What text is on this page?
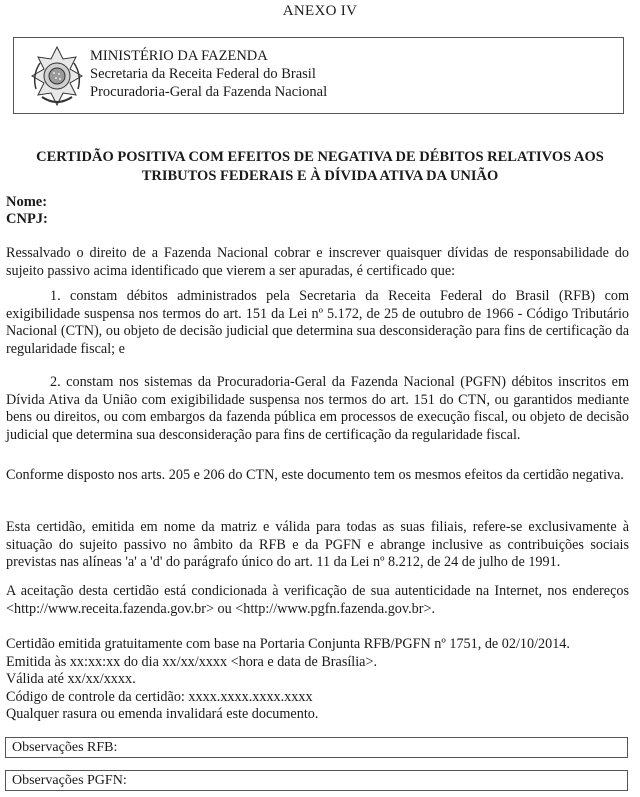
ANEXO IV
MINISTÉRIO DA FAZENDA
Secretaria da Receita Federal do Brasil
Procuradoria-Geral da Fazenda Nacional
CERTIDÃO POSITIVA COM EFEITOS DE NEGATIVA DE DÉBITOS RELATIVOS AOS
TRIBUTOS FEDERAIS E À DÍVIDA ATIVA DA UNIÃO
Nome:
CNPJ:
Ressalvado o direito de a Fazenda Nacional cobrar e inscrever quaisquer dívidas de responsabilidade do sujeito passivo acima identificado que vierem a ser apuradas, é certificado que:
1. constam débitos administrados pela Secretaria da Receita Federal do Brasil (RFB) com exigibilidade suspensa nos termos do art. 151 da Lei nº 5.172, de 25 de outubro de 1966 - Código Tributário Nacional (CTN), ou objeto de decisão judicial que determina sua desconsideração para fins de certificação da regularidade fiscal; e
2. constam nos sistemas da Procuradoria-Geral da Fazenda Nacional (PGFN) débitos inscritos em Dívida Ativa da União com exigibilidade suspensa nos termos do art. 151 do CTN, ou garantidos mediante bens ou direitos, ou com embargos da fazenda pública em processos de execução fiscal, ou objeto de decisão judicial que determina sua desconsideração para fins de certificação da regularidade fiscal.
Conforme disposto nos arts. 205 e 206 do CTN, este documento tem os mesmos efeitos da certidão negativa.
Esta certidão, emitida em nome da matriz e válida para todas as suas filiais, refere-se exclusivamente à situação do sujeito passivo no âmbito da RFB e da PGFN e abrange inclusive as contribuições sociais previstas nas alíneas 'a' a 'd' do parágrafo único do art. 11 da Lei nº 8.212, de 24 de julho de 1991.
A aceitação desta certidão está condicionada à verificação de sua autenticidade na Internet, nos endereços <http://www.receita.fazenda.gov.br> ou <http://www.pgfn.fazenda.gov.br>.
Certidão emitida gratuitamente com base na Portaria Conjunta RFB/PGFN nº 1751, de 02/10/2014.
Emitida às xx:xx:xx do dia xx/xx/xxxx <hora e data de Brasília>.
Válida até xx/xx/xxxx.
Código de controle da certidão: xxxx.xxxx.xxxx.xxxx
Qualquer rasura ou emenda invalidará este documento.
Observações RFB:
Observações PGFN:
